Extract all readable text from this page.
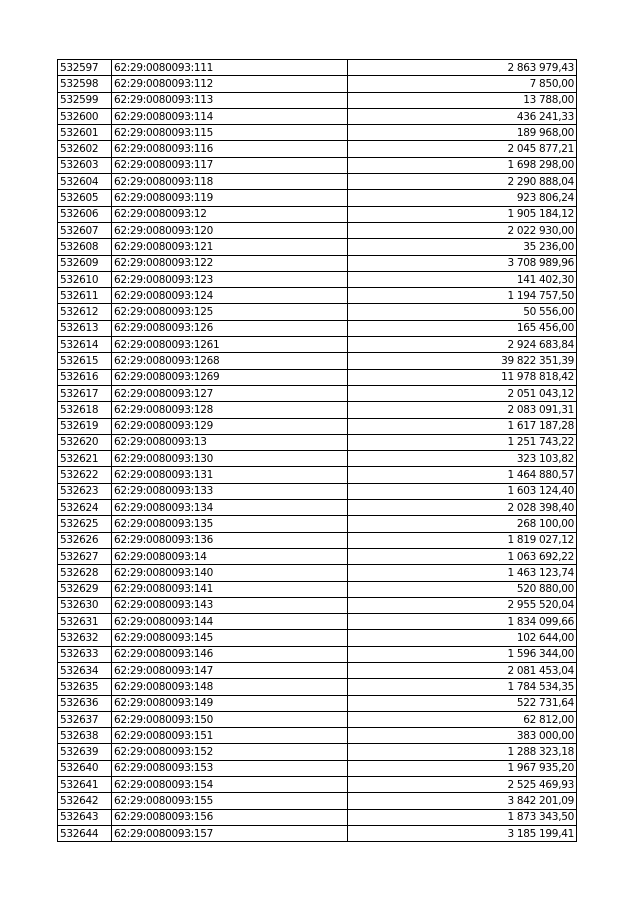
532597	62:29:0080093:111	2 863 979,43
532598	62:29:0080093:112	7 850,00
532599	62:29:0080093:113	13 788,00
532600	62:29:0080093:114	436 241,33
532601	62:29:0080093:115	189 968,00
532602	62:29:0080093:116	2 045 877,21
532603	62:29:0080093:117	1 698 298,00
532604	62:29:0080093:118	2 290 888,04
532605	62:29:0080093:119	923 806,24
532606	62:29:0080093:12	1 905 184,12
532607	62:29:0080093:120	2 022 930,00
532608	62:29:0080093:121	35 236,00
532609	62:29:0080093:122	3 708 989,96
532610	62:29:0080093:123	141 402,30
532611	62:29:0080093:124	1 194 757,50
532612	62:29:0080093:125	50 556,00
532613	62:29:0080093:126	165 456,00
532614	62:29:0080093:1261	2 924 683,84
532615	62:29:0080093:1268	39 822 351,39
532616	62:29:0080093:1269	11 978 818,42
532617	62:29:0080093:127	2 051 043,12
532618	62:29:0080093:128	2 083 091,31
532619	62:29:0080093:129	1 617 187,28
532620	62:29:0080093:13	1 251 743,22
532621	62:29:0080093:130	323 103,82
532622	62:29:0080093:131	1 464 880,57
532623	62:29:0080093:133	1 603 124,40
532624	62:29:0080093:134	2 028 398,40
532625	62:29:0080093:135	268 100,00
532626	62:29:0080093:136	1 819 027,12
532627	62:29:0080093:14	1 063 692,22
532628	62:29:0080093:140	1 463 123,74
532629	62:29:0080093:141	520 880,00
532630	62:29:0080093:143	2 955 520,04
532631	62:29:0080093:144	1 834 099,66
532632	62:29:0080093:145	102 644,00
532633	62:29:0080093:146	1 596 344,00
532634	62:29:0080093:147	2 081 453,04
532635	62:29:0080093:148	1 784 534,35
532636	62:29:0080093:149	522 731,64
532637	62:29:0080093:150	62 812,00
532638	62:29:0080093:151	383 000,00
532639	62:29:0080093:152	1 288 323,18
532640	62:29:0080093:153	1 967 935,20
532641	62:29:0080093:154	2 525 469,93
532642	62:29:0080093:155	3 842 201,09
532643	62:29:0080093:156	1 873 343,50
532644	62:29:0080093:157	3 185 199,41
